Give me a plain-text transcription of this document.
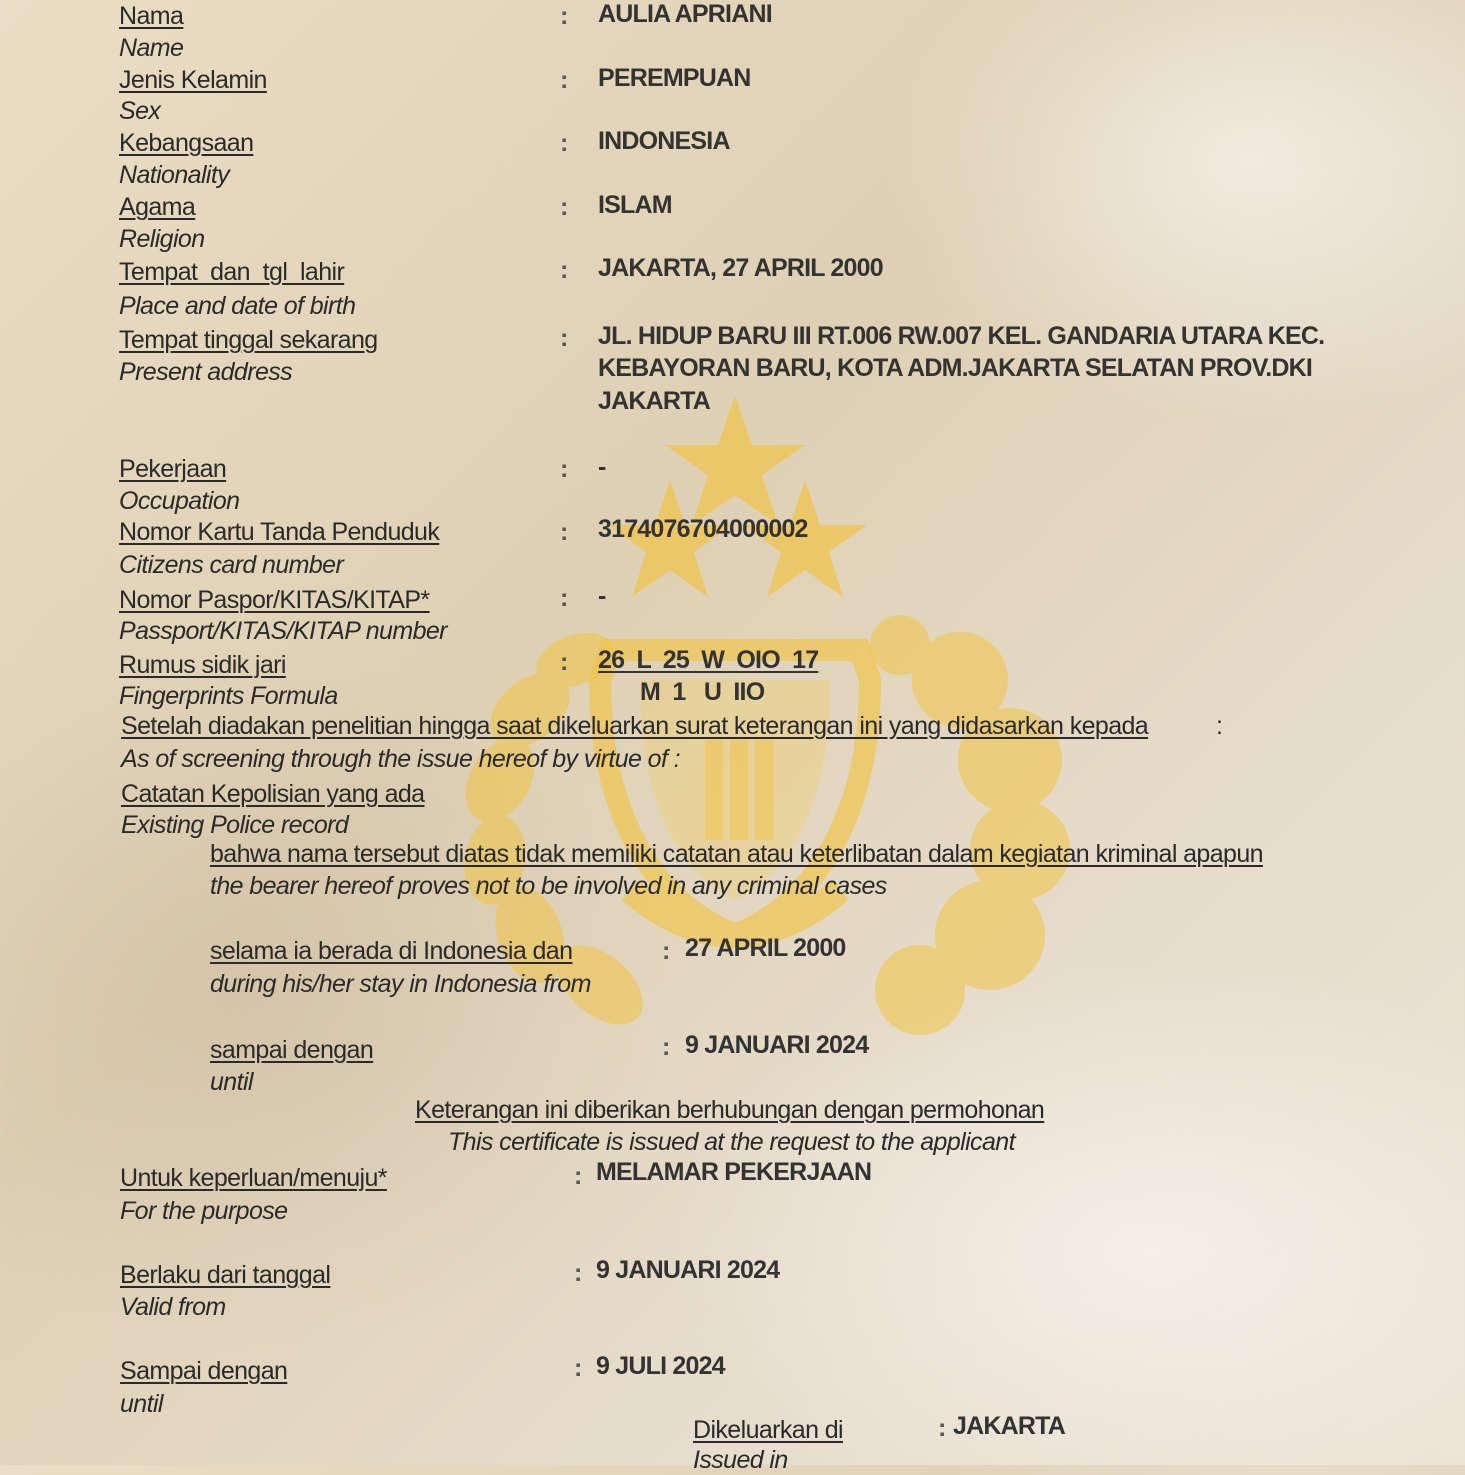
Nama
Name
: AULIA APRIANI
Jenis Kelamin
Sex
: PEREMPUAN
Kebangsaan
Nationality
: INDONESIA
Agama
Religion
: ISLAM
Tempat  dan  tgl  lahir
Place and date of birth
: JAKARTA, 27 APRIL 2000
Tempat tinggal sekarang
Present address
: JL. HIDUP BARU III RT.006 RW.007 KEL. GANDARIA UTARA KEC.
KEBAYORAN BARU, KOTA ADM.JAKARTA SELATAN PROV.DKI
JAKARTA
Pekerjaan
Occupation
: -
Nomor Kartu Tanda Penduduk
Citizens card number
: 3174076704000002
Nomor Paspor/KITAS/KITAP*
Passport/KITAS/KITAP number
: -
Rumus sidik jari
Fingerprints Formula
: 26  L  25  W  OIO  17
M  1   U  IIO
Setelah diadakan penelitian hingga saat dikeluarkan surat keterangan ini yang didasarkan kepada	:
As of screening through the issue hereof by virtue of :
Catatan Kepolisian yang ada
Existing Police record
bahwa nama tersebut diatas tidak memiliki catatan atau keterlibatan dalam kegiatan kriminal apapun
the bearer hereof proves not to be involved in any criminal cases
selama ia berada di Indonesia dan
during his/her stay in Indonesia from
: 27 APRIL 2000
sampai dengan
until
: 9 JANUARI 2024
Keterangan ini diberikan berhubungan dengan permohonan
This certificate is issued at the request to the applicant
Untuk keperluan/menuju*
For the purpose
: MELAMAR PEKERJAAN
Berlaku dari tanggal
Valid from
: 9 JANUARI 2024
Sampai dengan
until
: 9 JULI 2024
Dikeluarkan di
Issued in
: JAKARTA
